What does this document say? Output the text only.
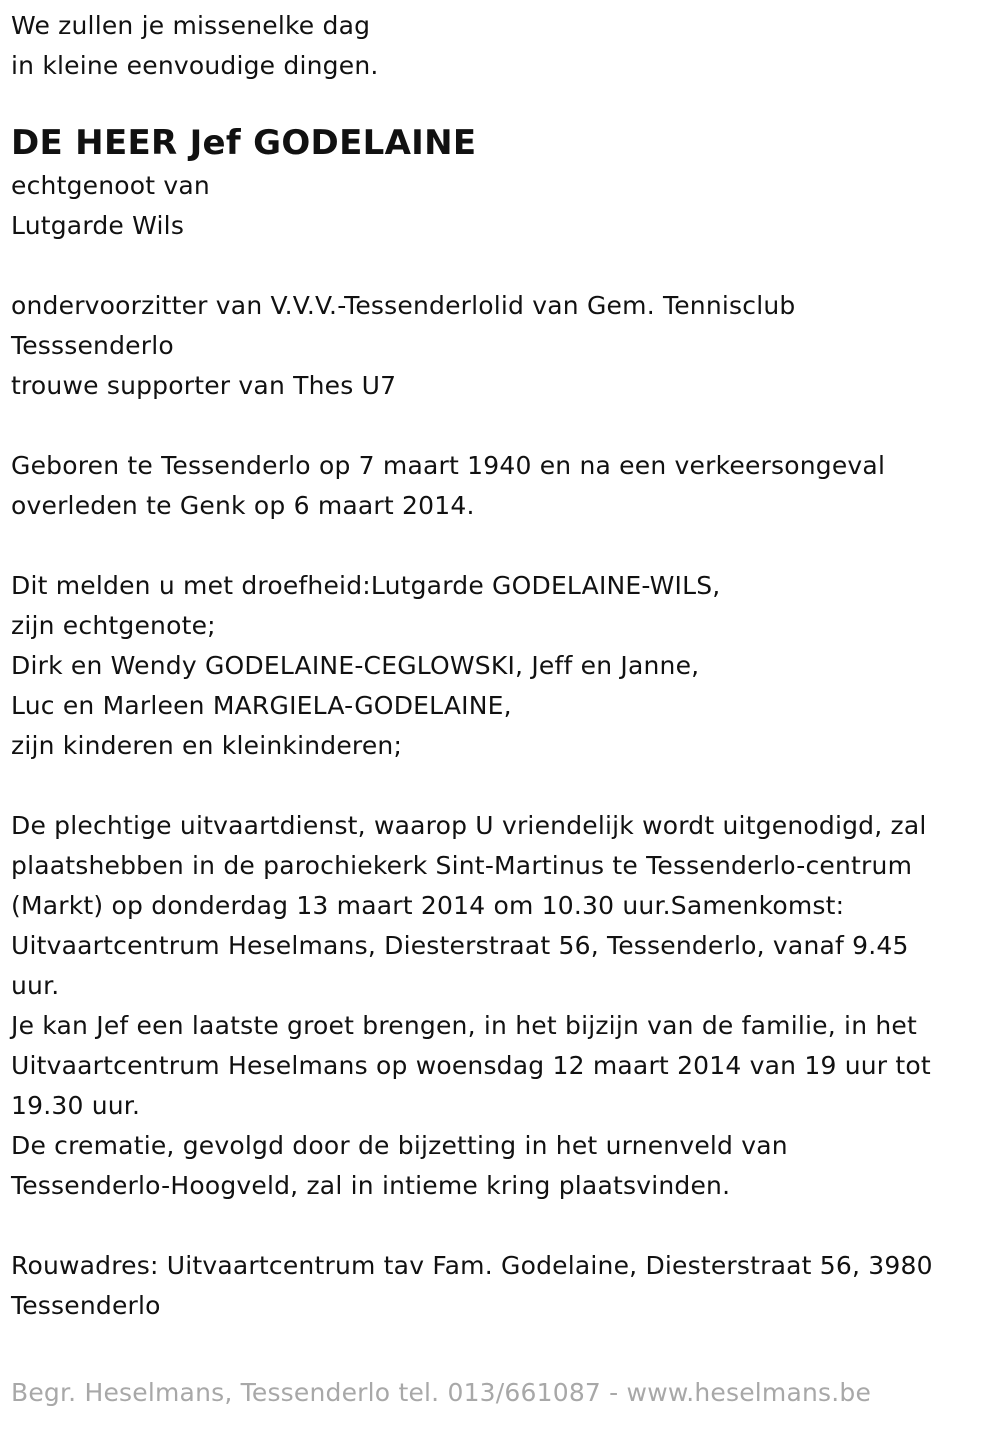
We zullen je missenelke dag
in kleine eenvoudige dingen.
DE HEER Jef GODELAINE
echtgenoot van
Lutgarde Wils
ondervoorzitter van V.V.V.-Tessenderlolid van Gem. Tennisclub
Tesssenderlo
trouwe supporter van Thes U7
Geboren te Tessenderlo op 7 maart 1940 en na een verkeersongeval
overleden te Genk op 6 maart 2014.
Dit melden u met droefheid:Lutgarde GODELAINE-WILS,
zijn echtgenote;
Dirk en Wendy GODELAINE-CEGLOWSKI, Jeff en Janne,
Luc en Marleen MARGIELA-GODELAINE,
zijn kinderen en kleinkinderen;
De plechtige uitvaartdienst, waarop U vriendelijk wordt uitgenodigd, zal
plaatshebben in de parochiekerk Sint-Martinus te Tessenderlo-centrum
(Markt) op donderdag 13 maart 2014 om 10.30 uur.Samenkomst:
Uitvaartcentrum Heselmans, Diesterstraat 56, Tessenderlo, vanaf 9.45
uur.
Je kan Jef een laatste groet brengen, in het bijzijn van de familie, in het
Uitvaartcentrum Heselmans op woensdag 12 maart 2014 van 19 uur tot
19.30 uur.
De crematie, gevolgd door de bijzetting in het urnenveld van
Tessenderlo-Hoogveld, zal in intieme kring plaatsvinden.
Rouwadres: Uitvaartcentrum tav Fam. Godelaine, Diesterstraat 56, 3980
Tessenderlo
Begr. Heselmans, Tessenderlo tel. 013/661087 - www.heselmans.be
